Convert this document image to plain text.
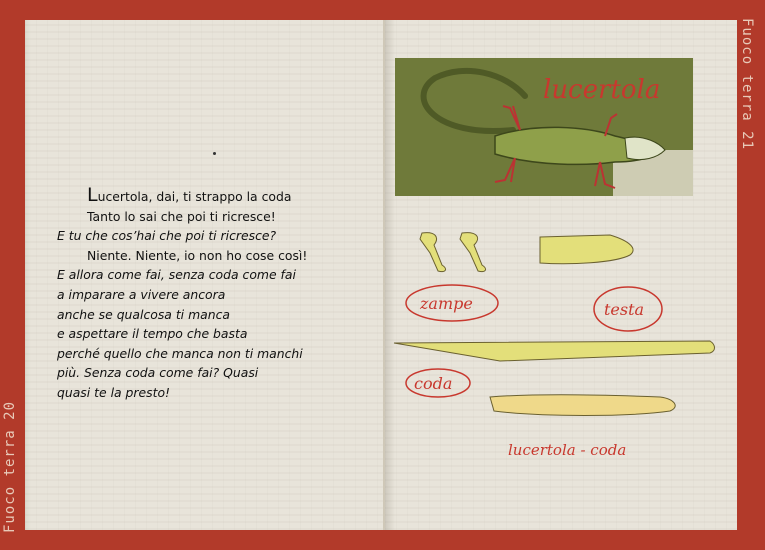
Lucertola, dai, ti strappo la coda
Tanto lo sai che poi ti ricresce!
E tu che cos’hai che poi ti ricresce?
Niente. Niente, io non ho cose così!
E allora come fai, senza coda come fai
a imparare a vivere ancora
anche se qualcosa ti manca
e aspettare il tempo che basta
perché quello che manca non ti manchi
più. Senza coda come fai? Quasi
quasi te la presto!
lucertola
zampe	testa
coda
lucertola - coda
Fuoco terra 20
Fuoco terra 21
